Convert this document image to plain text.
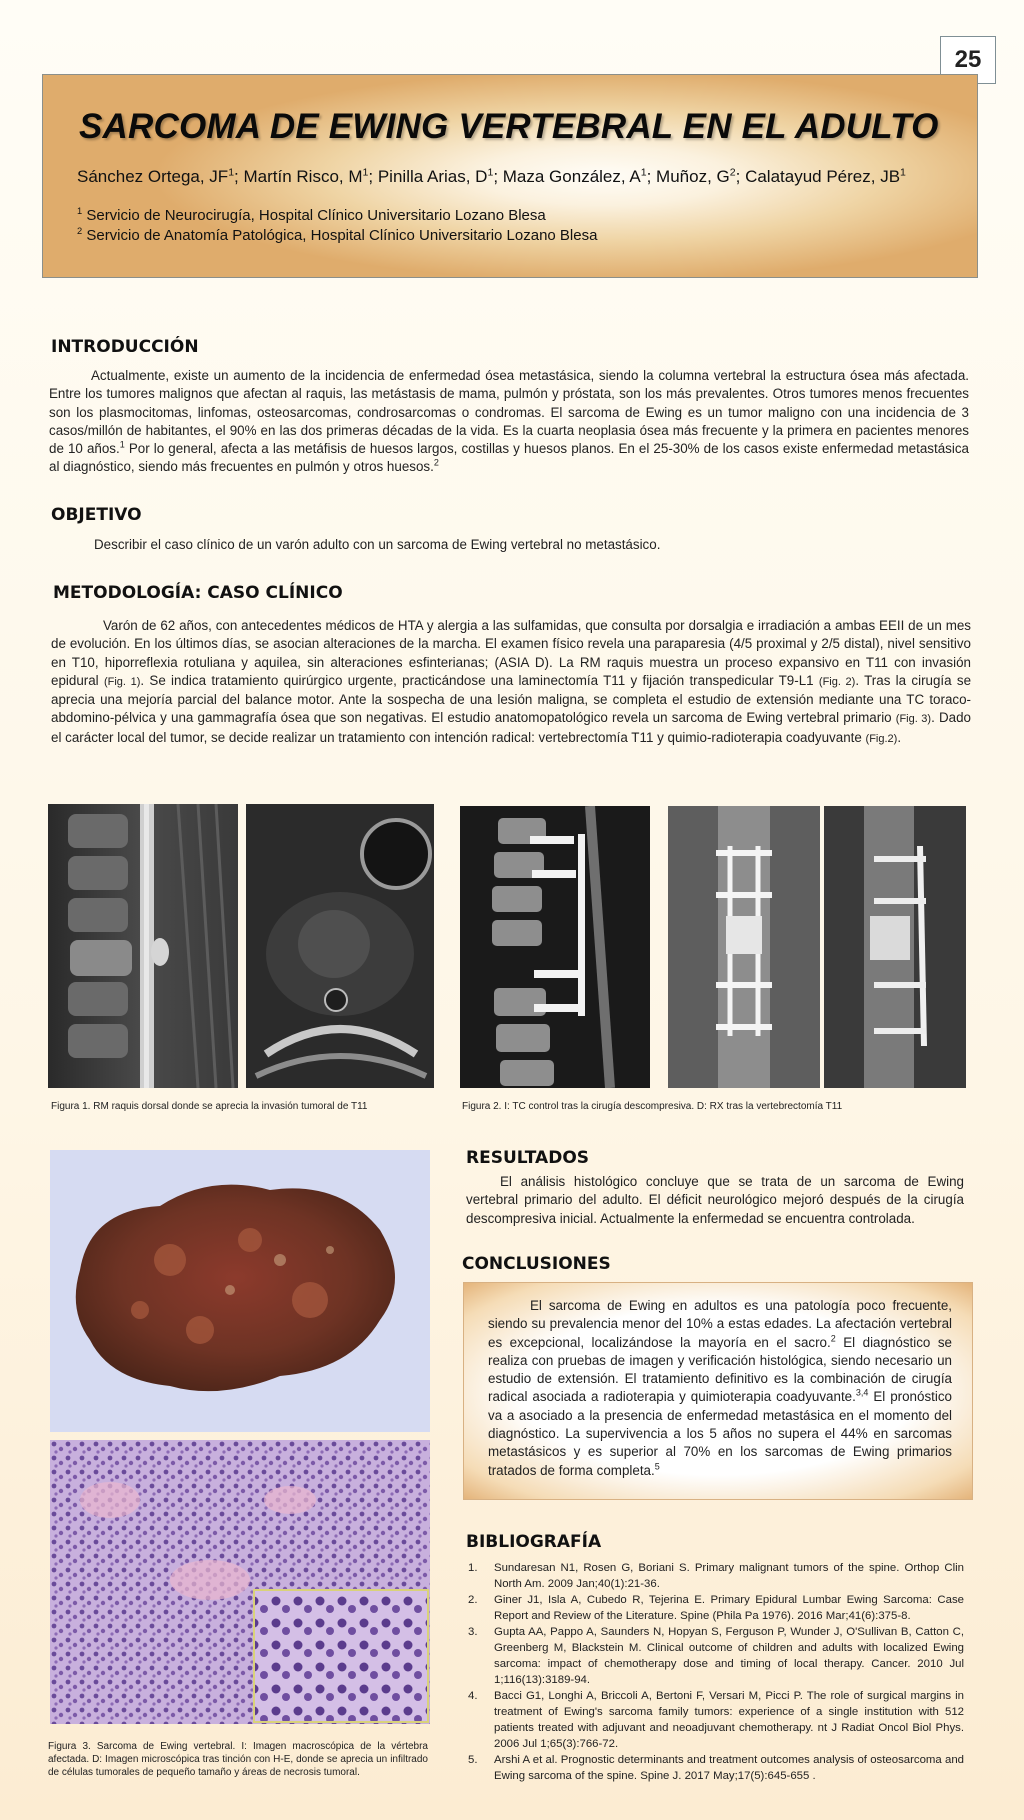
25
SARCOMA DE EWING VERTEBRAL EN EL ADULTO
Sánchez Ortega, $JF^1$; Martín Risco, $M^1$; Pinilla Arias, $D^1$; Maza González, $A^1$; Muñoz, $G^2$; Calatayud Pérez, $JB^1$
$^1$ Servicio de Neurocirugía, Hospital Clínico Universitario Lozano Blesa
$^2$ Servicio de Anatomía Patológica, Hospital Clínico Universitario Lozano Blesa
INTRODUCCIÓN

Actualmente, existe un aumento de la incidencia de enfermedad ósea metastásica, siendo la columna vertebral la estructura ósea más afectada. Entre los tumores malignos que afectan al raquis, las metástasis de mama, pulmón y próstata, son los más prevalentes. Otros tumores menos frecuentes son los plasmocitomas, linfomas, osteosarcomas, condrosarcomas o condromas. El sarcoma de Ewing es un tumor maligno con una incidencia de 3 casos/millón de habitantes, el 90% en las dos primeras décadas de la vida. Es la cuarta neoplasia ósea más frecuente y la primera en pacientes menores de 10 años.$^1$ Por lo general, afecta a las metáfisis de huesos largos, costillas y huesos planos. En el 25-30% de los casos existe enfermedad metastásica al diagnóstico, siendo más frecuentes en pulmón y otros huesos.$^2$

OBJETIVO

Describir el caso clínico de un varón adulto con un sarcoma de Ewing vertebral no metastásico.

METODOLOGÍA: CASO CLÍNICO

Varón de 62 años, con antecedentes médicos de HTA y alergia a las sulfamidas, que consulta por dorsalgia e irradiación a ambas EEII de un mes de evolución. En los últimos días, se asocian alteraciones de la marcha. El examen físico revela una paraparesia (4/5 proximal y 2/5 distal), nivel sensitivo en T10, hiporreflexia rotuliana y aquilea, sin alteraciones esfinterianas; (ASIA D). La RM raquis muestra un proceso expansivo en T11 con invasión epidural (Fig. 1). Se indica tratamiento quirúrgico urgente, practicándose una laminectomía T11 y fijación transpedicular T9-L1 (Fig. 2). Tras la cirugía se aprecia una mejoría parcial del balance motor. Ante la sospecha de una lesión maligna, se completa el estudio de extensión mediante una TC toraco-abdomino-pélvica y una gammagrafía ósea que son negativas. El estudio anatomopatológico revela un sarcoma de Ewing vertebral primario (Fig. 3). Dado el carácter local del tumor, se decide realizar un tratamiento con intención radical: vertebrectomía T11 y quimio-radioterapia coadyuvante (Fig.2).

Figura 1. RM raquis dorsal donde se aprecia la invasión tumoral de T11	Figura 2. I: TC control tras la cirugía descompresiva. D: RX tras la vertebrectomía T11

Figura 3. Sarcoma de Ewing vertebral. I: Imagen macroscópica de la vértebra afectada. D: Imagen microscópica tras tinción con H-E, donde se aprecia un infiltrado de células tumorales de pequeño tamaño y áreas de necrosis tumoral.

RESULTADOS

El análisis histológico concluye que se trata de un sarcoma de Ewing vertebral primario del adulto. El déficit neurológico mejoró después de la cirugía descompresiva inicial. Actualmente la enfermedad se encuentra controlada.

CONCLUSIONES

El sarcoma de Ewing en adultos es una patología poco frecuente, siendo su prevalencia menor del 10% a estas edades. La afectación vertebral es excepcional, localizándose la mayoría en el sacro.$^2$ El diagnóstico se realiza con pruebas de imagen y verificación histológica, siendo necesario un estudio de extensión. El tratamiento definitivo es la combinación de cirugía radical asociada a radioterapia y quimioterapia coadyuvante.$^{3,4}$ El pronóstico va a asociado a la presencia de enfermedad metastásica en el momento del diagnóstico. La supervivencia a los 5 años no supera el 44% en sarcomas metastásicos y es superior al 70% en los sarcomas de Ewing primarios tratados de forma completa.$^5$

BIBLIOGRAFÍA
1. Sundaresan N1, Rosen G, Boriani S. Primary malignant tumors of the spine. Orthop Clin North Am. 2009 Jan;40(1):21-36.
2. Giner J1, Isla A, Cubedo R, Tejerina E. Primary Epidural Lumbar Ewing Sarcoma: Case Report and Review of the Literature. Spine (Phila Pa 1976). 2016 Mar;41(6):375-8.
3. Gupta AA, Pappo A, Saunders N, Hopyan S, Ferguson P, Wunder J, O'Sullivan B, Catton C, Greenberg M, Blackstein M. Clinical outcome of children and adults with localized Ewing sarcoma: impact of chemotherapy dose and timing of local therapy. Cancer. 2010 Jul 1;116(13):3189-94.
4. Bacci G1, Longhi A, Briccoli A, Bertoni F, Versari M, Picci P. The role of surgical margins in treatment of Ewing's sarcoma family tumors: experience of a single institution with 512 patients treated with adjuvant and neoadjuvant chemotherapy. nt J Radiat Oncol Biol Phys. 2006 Jul 1;65(3):766-72.
5. Arshi A et al. Prognostic determinants and treatment outcomes analysis of osteosarcoma and Ewing sarcoma of the spine. Spine J. 2017 May;17(5):645-655 .
